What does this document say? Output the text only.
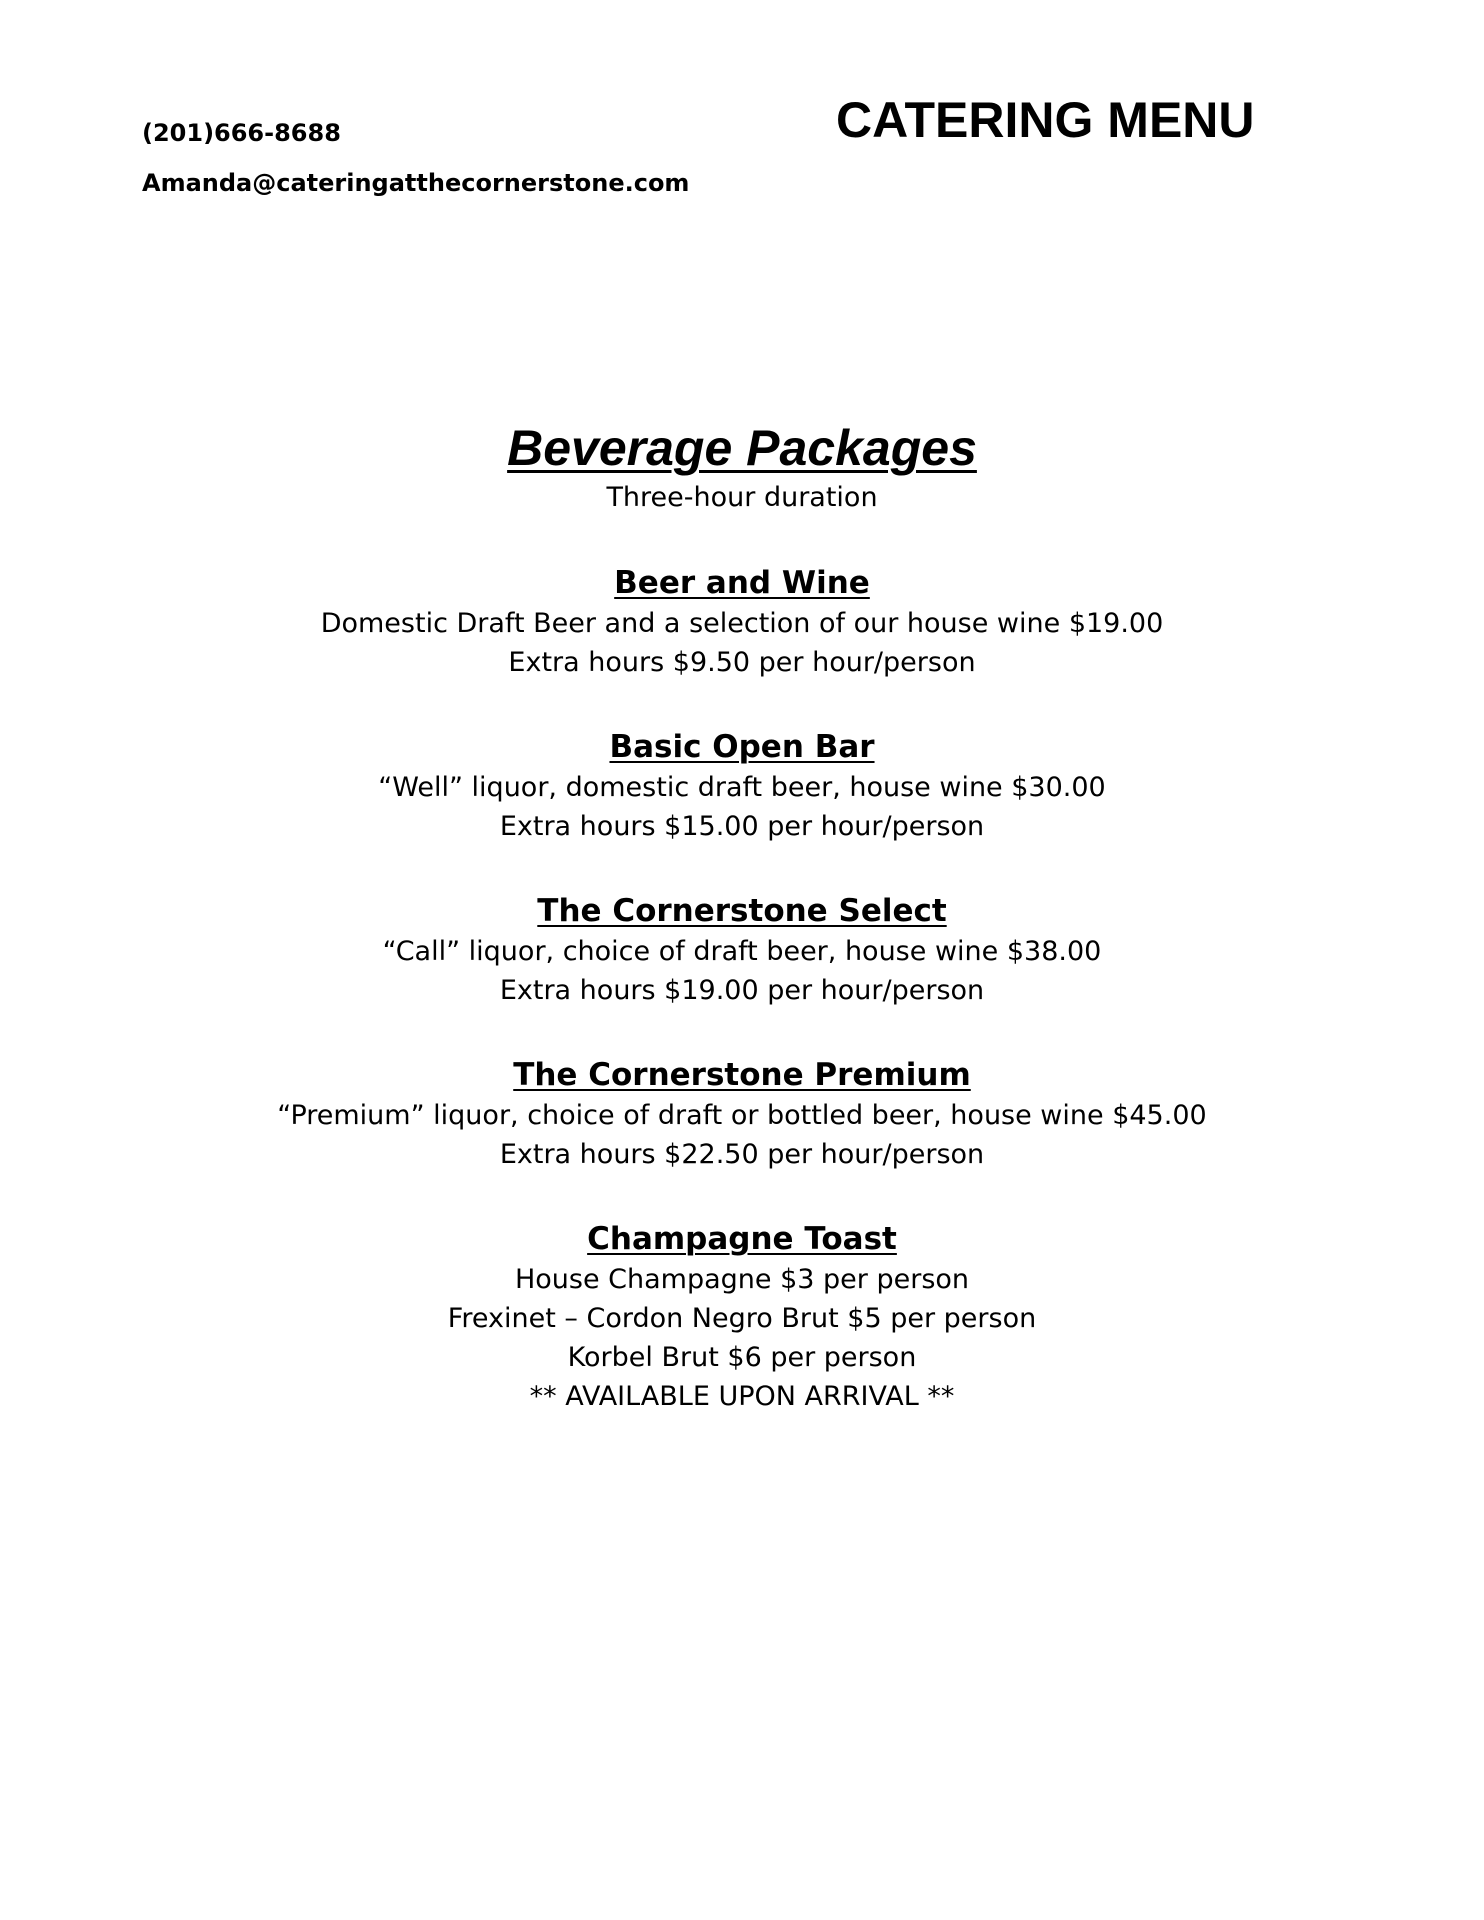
(201)666-8688
Amanda@cateringatthecornerstone.com
CATERING MENU
Beverage Packages

Three-hour duration

Beer and Wine

Domestic Draft Beer and a selection of our house wine $19.00

Extra hours $9.50 per hour/person

Basic Open Bar

“Well” liquor, domestic draft beer, house wine $30.00

Extra hours $15.00 per hour/person

The Cornerstone Select

“Call” liquor, choice of draft beer, house wine $38.00

Extra hours $19.00 per hour/person

The Cornerstone Premium

“Premium” liquor, choice of draft or bottled beer, house wine $45.00

Extra hours $22.50 per hour/person

Champagne Toast

House Champagne $3 per person

Frexinet – Cordon Negro Brut $5 per person

Korbel Brut $6 per person

** AVAILABLE UPON ARRIVAL **
